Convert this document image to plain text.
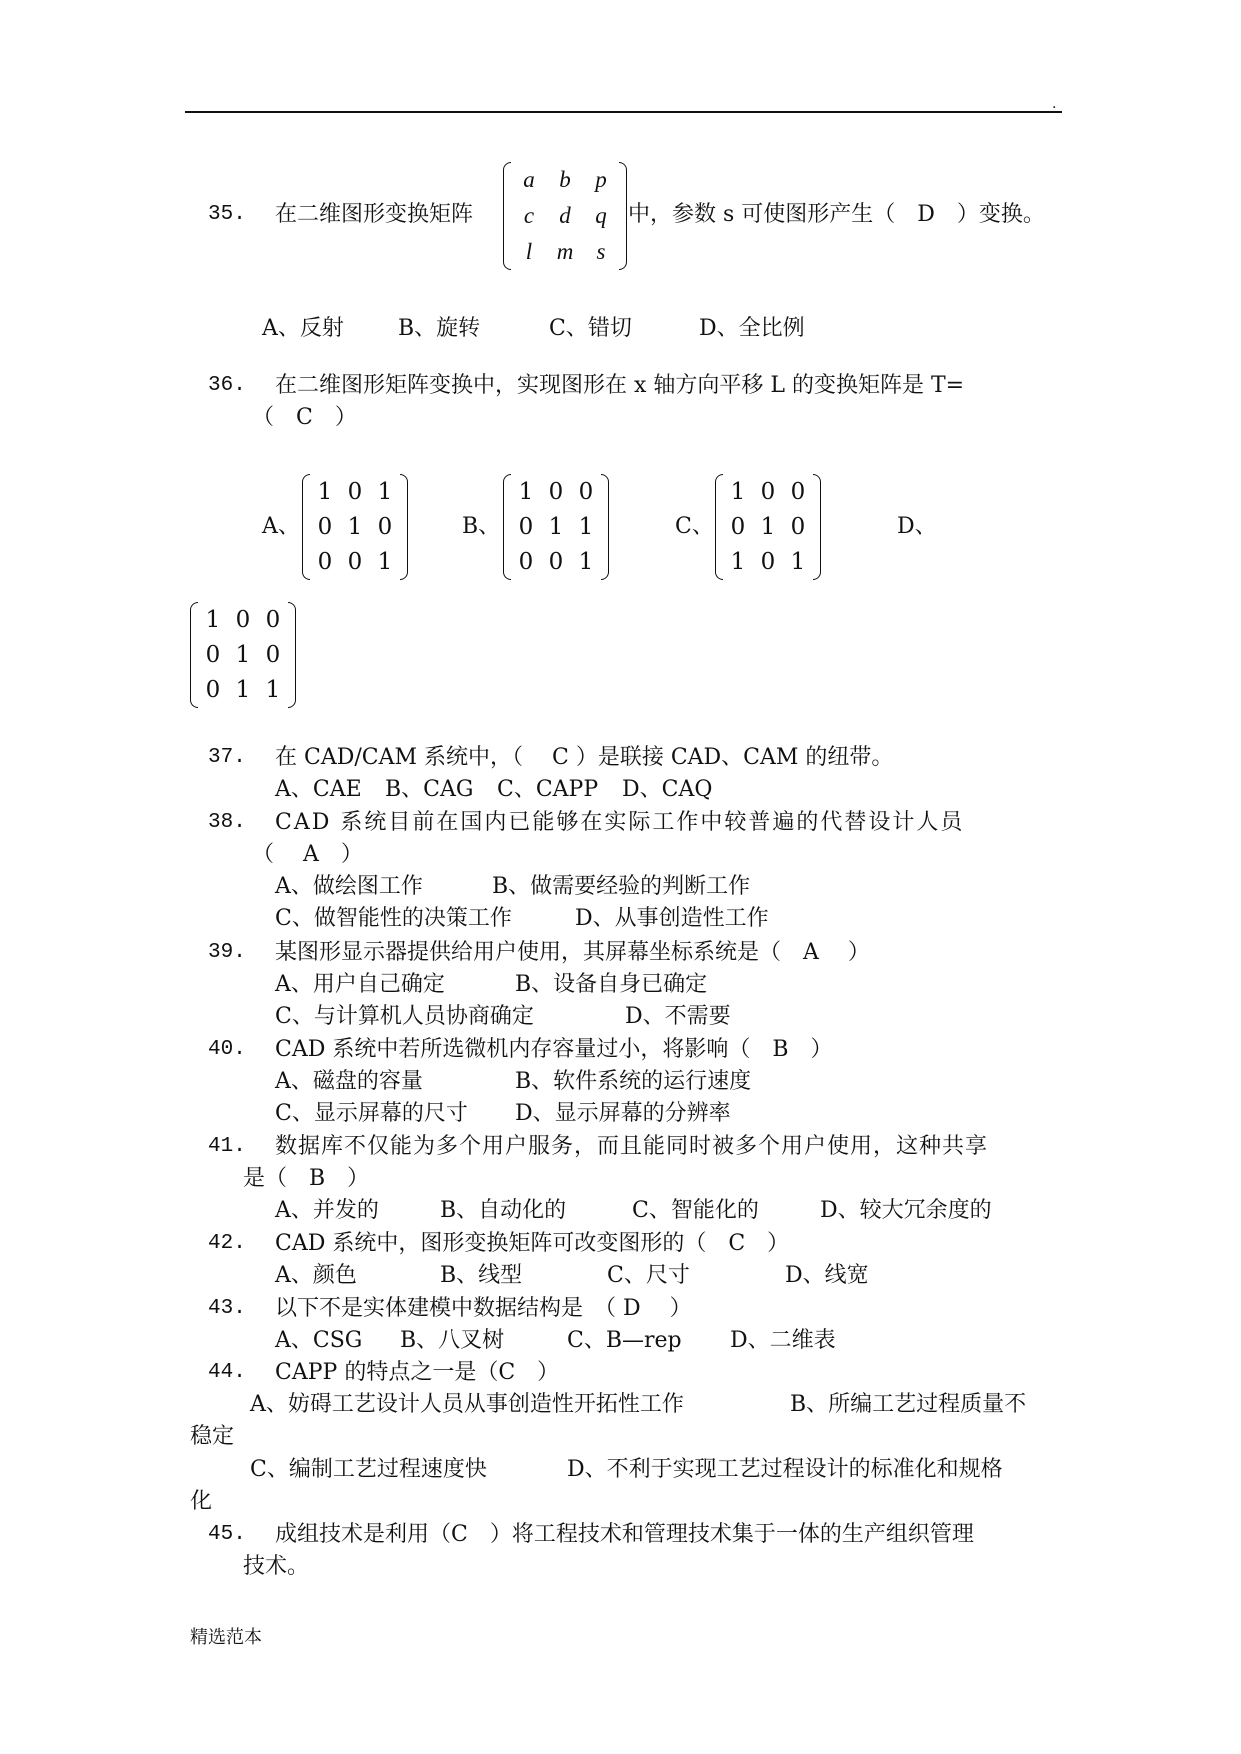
.
35. 在二维图形变换矩阵
a b p
c d q
l m s
中，参数 s 可使图形产生（　D　）变换。
A、反射 B、旋转	C、错切	D、全比例
36. 在二维图形矩阵变换中，实现图形在 x 轴方向平移 L 的变换矩阵是 T=
（　C　）
A、
1 0 1
0 1 0
0 0 1
B、
1 0 0
0 1 1
0 0 1
C、
1 0 0
0 1 0
1 0 1
D、
1 0 0
0 1 0
0 1 1
37. 在 CAD/CAM 系统中，（　 C ）是联接 CAD、CAM 的纽带。
A、CAE B、CAG C、CAPP D、CAQ
38. CAD 系统目前在国内已能够在实际工作中较普遍的代替设计人员
（　 A　）
A、做绘图工作	B、做需要经验的判断工作
C、做智能性的决策工作	D、从事创造性工作
39. 某图形显示器提供给用户使用，其屏幕坐标系统是（　A　 ）
A、用户自己确定	B、设备自身已确定
C、与计算机人员协商确定	D、不需要
40. CAD 系统中若所选微机内存容量过小，将影响（　B　）
A、磁盘的容量	B、软件系统的运行速度
C、显示屏幕的尺寸 D、显示屏幕的分辨率
41. 数据库不仅能为多个用户服务，而且能同时被多个用户使用，这种共享
是（　B　）
A、并发的	B、自动化的	C、智能化的	D、较大冗余度的
42. CAD 系统中，图形变换矩阵可改变图形的（　C　）
A、颜色	B、线型	C、尺寸	D、线宽
43. 以下不是实体建模中数据结构是　（ D　 ）
A、CSG B、八叉树	C、B—rep D、二维表
44. CAPP 的特点之一是（C　）
A、妨碍工艺设计人员从事创造性开拓性工作	B、所编工艺过程质量不
稳定
C、编制工艺过程速度快	D、不利于实现工艺过程设计的标准化和规格
化
45. 成组技术是利用（C　）将工程技术和管理技术集于一体的生产组织管理
技术。
精选范本
